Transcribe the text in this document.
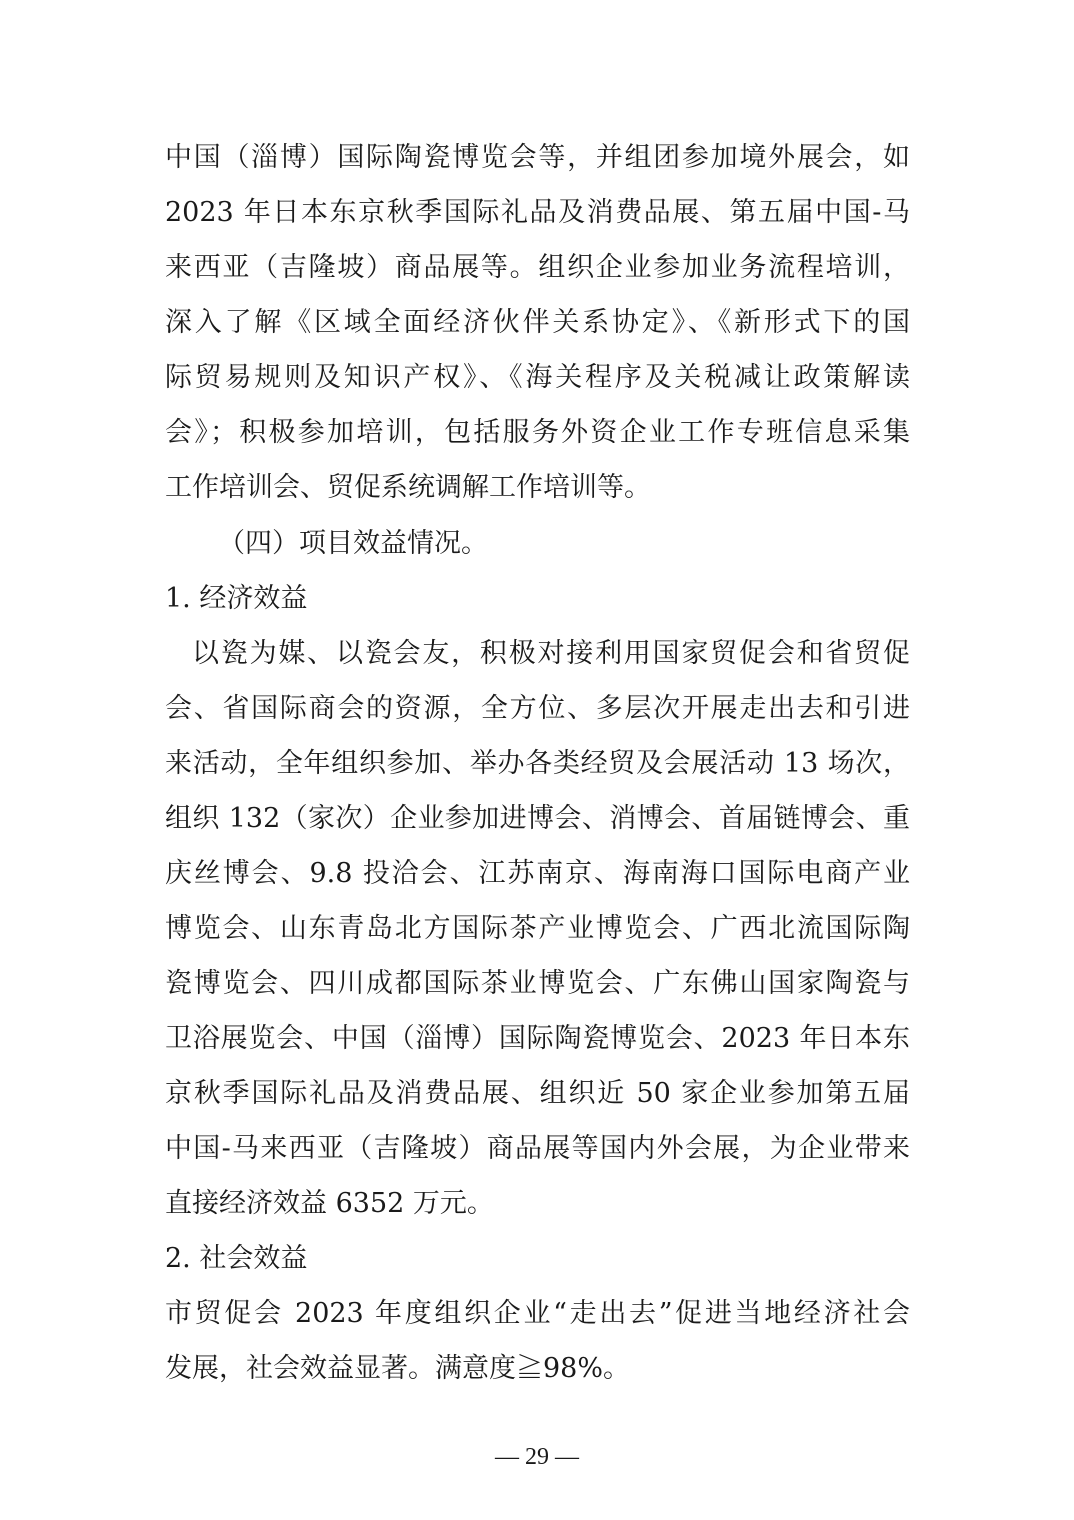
中国（淄博）国际陶瓷博览会等，并组团参加境外展会，如
2023 年日本东京秋季国际礼品及消费品展、第五届中国-马
来西亚（吉隆坡）商品展等。组织企业参加业务流程培训，
深入了解《区域全面经济伙伴关系协定》、《新形式下的国
际贸易规则及知识产权》、《海关程序及关税减让政策解读
会》；积极参加培训，包括服务外资企业工作专班信息采集
工作培训会、贸促系统调解工作培训等。
（四）项目效益情况。
1. 经济效益
以瓷为媒、以瓷会友，积极对接利用国家贸促会和省贸促
会、省国际商会的资源，全方位、多层次开展走出去和引进
来活动，全年组织参加、举办各类经贸及会展活动 13 场次，
组织 132（家次）企业参加进博会、消博会、首届链博会、重
庆丝博会、9.8 投洽会、江苏南京、海南海口国际电商产业
博览会、山东青岛北方国际茶产业博览会、广西北流国际陶
瓷博览会、四川成都国际茶业博览会、广东佛山国家陶瓷与
卫浴展览会、中国（淄博）国际陶瓷博览会、2023 年日本东
京秋季国际礼品及消费品展、组织近 50 家企业参加第五届
中国-马来西亚（吉隆坡）商品展等国内外会展，为企业带来
直接经济效益 6352 万元。
2. 社会效益
市贸促会 2023 年度组织企业“走出去”促进当地经济社会
发展，社会效益显著。满意度≧98%。
— 29 —
